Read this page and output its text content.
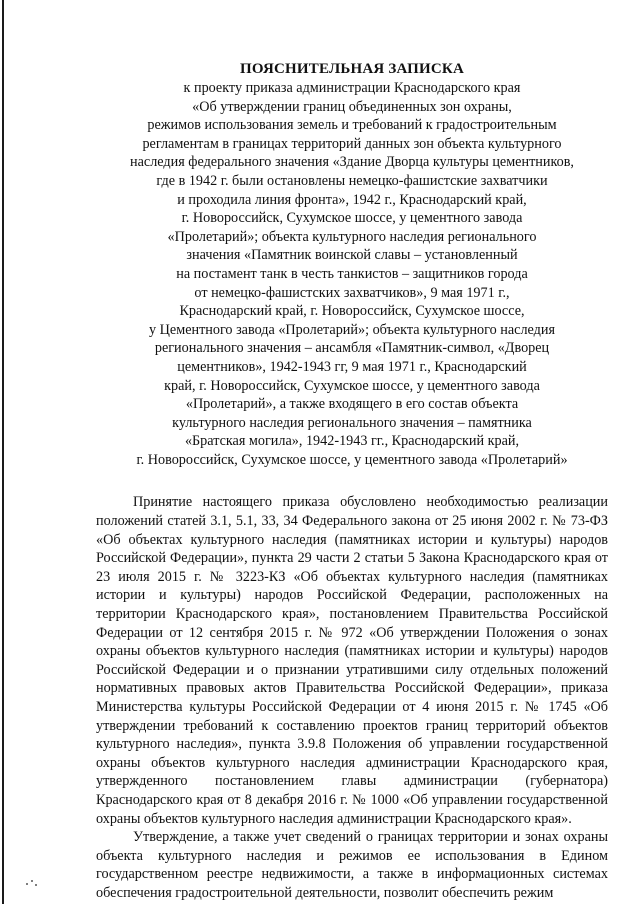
ПОЯСНИТЕЛЬНАЯ ЗАПИСКА

к проекту приказа администрации Краснодарского края
«Об утверждении границ объединенных зон охраны,
режимов использования земель и требований к градостроительным
регламентам в границах территорий данных зон объекта культурного
наследия федерального значения «Здание Дворца культуры цементников,
где в 1942 г. были остановлены немецко-фашистские захватчики
и проходила линия фронта», 1942 г., Краснодарский край,
г. Новороссийск, Сухумское шоссе, у цементного завода
«Пролетарий»; объекта культурного наследия регионального
значения «Памятник воинской славы – установленный
на постамент танк в честь танкистов – защитников города
от немецко-фашистских захватчиков», 9 мая 1971 г.,
Краснодарский край, г. Новороссийск, Сухумское шоссе,
у Цементного завода «Пролетарий»; объекта культурного наследия
регионального значения – ансамбля «Памятник-символ, «Дворец
цементников», 1942-1943 гг, 9 мая 1971 г., Краснодарский
край, г. Новороссийск, Сухумское шоссе, у цементного завода
«Пролетарий», а также входящего в его состав объекта
культурного наследия регионального значения – памятника
«Братская могила», 1942-1943 гг., Краснодарский край,
г. Новороссийск, Сухумское шоссе, у цементного завода «Пролетарий»

Принятие настоящего приказа обусловлено необходимостью реализации положений статей 3.1, 5.1, 33, 34 Федерального закона от 25 июня 2002 г. № 73-ФЗ «Об объектах культурного наследия (памятниках истории и культуры) народов Российской Федерации», пункта 29 части 2 статьи 5 Закона Краснодарского края от 23 июля 2015 г. № 3223-КЗ «Об объектах культурного наследия (памятниках истории и культуры) народов Российской Федерации, расположенных на территории Краснодарского края», постановлением Правительства Российской Федерации от 12 сентября 2015 г. № 972 «Об утверждении Положения о зонах охраны объектов культурного наследия (памятниках истории и культуры) народов Российской Федерации и о признании утратившими силу отдельных положений нормативных правовых актов Правительства Российской Федерации», приказа Министерства культуры Российской Федерации от 4 июня 2015 г. № 1745 «Об утверждении требований к составлению проектов границ территорий объектов культурного наследия», пункта 3.9.8 Положения об управлении государственной охраны объектов культурного наследия администрации Краснодарского края, утвержденного постановлением главы администрации (губернатора) Краснодарского края от 8 декабря 2016 г. № 1000 «Об управлении государственной охраны объектов культурного наследия администрации Краснодарского края».

Утверждение, а также учет сведений о границах территории и зонах охраны объекта культурного наследия и режимов ее использования в Едином государственном реестре недвижимости, а также в информационных системах обеспечения градостроительной деятельности, позволит обеспечить режим
